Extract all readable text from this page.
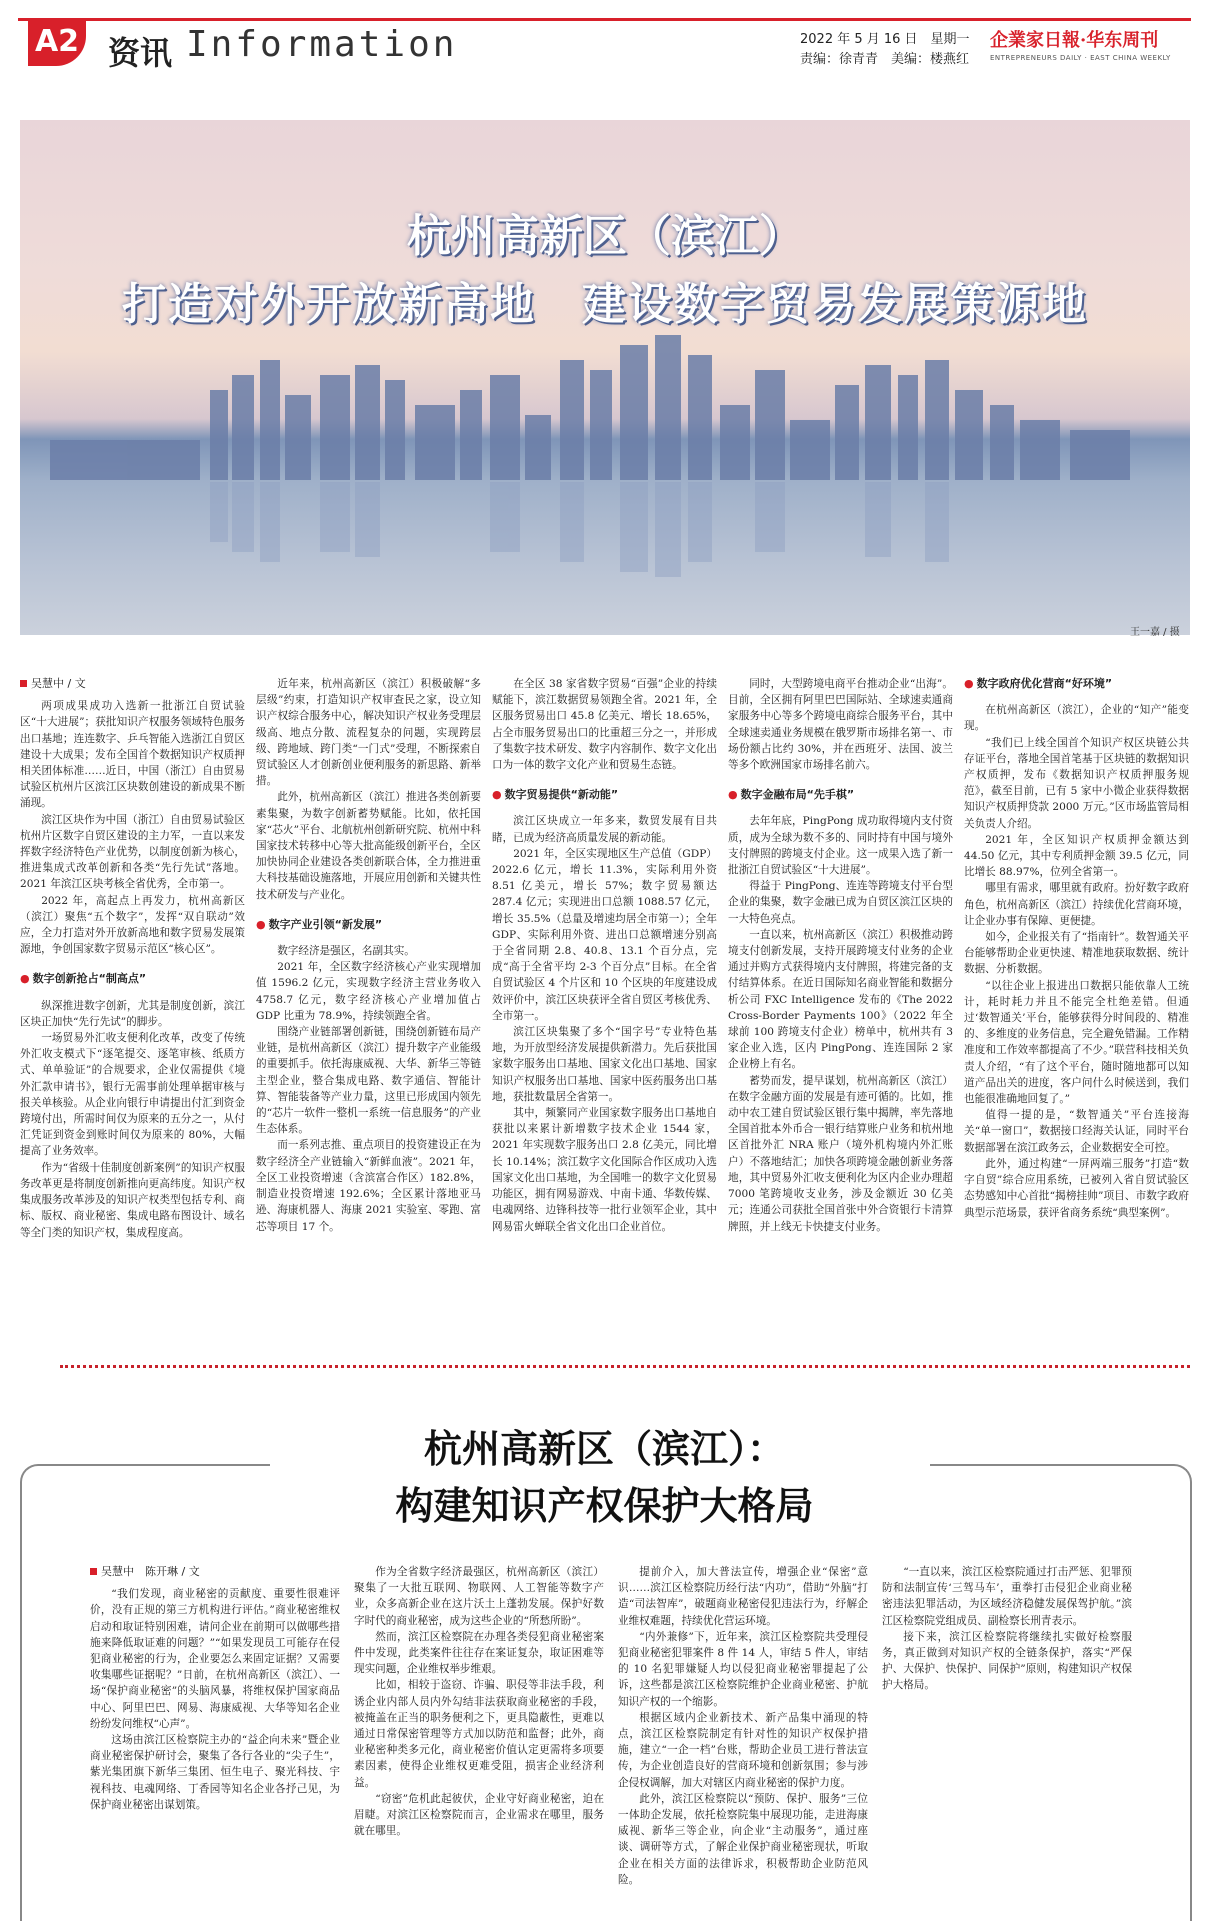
A2 资讯 Information	2022 年 5 月 16 日　星期一
责编：徐青青　美编：楼燕红
企業家日報·华东周刊
ENTREPRENEURS DAILY · EAST CHINA WEEKLY
杭州高新区（滨江）
打造对外开放新高地　建设数字贸易发展策源地
王一嘉 / 摄
吴慧中 / 文

两项成果成功入选新一批浙江自贸试验区“十大进展”；获批知识产权服务领域特色服务出口基地；连连数字、乒乓智能入选浙江自贸区建设十大成果；发布全国首个数据知识产权质押相关团体标准……近日，中国（浙江）自由贸易试验区杭州片区滨江区块数创建设的新成果不断涌现。

滨江区块作为中国（浙江）自由贸易试验区杭州片区数字自贸区建设的主力军，一直以来发挥数字经济特色产业优势，以制度创新为核心，推进集成式改革创新和各类“先行先试”落地。2021 年滨江区块考核全省优秀，全市第一。

2022 年，高起点上再发力，杭州高新区（滨江）聚焦“五个数字”，发挥“双自联动”效应，全力打造对外开放新高地和数字贸易发展策源地，争创国家数字贸易示范区“核心区”。

● 数字创新抢占“制高点”

纵深推进数字创新，尤其是制度创新，滨江区块正加快“先行先试”的脚步。

一场贸易外汇收支便利化改革，改变了传统外汇收支模式下“逐笔提交、逐笔审核、纸质方式、单单验证”的合规要求，企业仅需提供《境外汇款申请书》，银行无需事前处理单据审核与报关单核验。从企业向银行申请提出付汇到资金跨境付出，所需时间仅为原来的五分之一，从付汇凭证到资金到账时间仅为原来的 80%，大幅提高了业务效率。

作为“省级十佳制度创新案例”的知识产权服务改革更是将制度创新推向更高纬度。知识产权集成服务改革涉及的知识产权类型包括专利、商标、版权、商业秘密、集成电路布图设计、域名等全门类的知识产权，集成程度高。

近年来，杭州高新区（滨江）积极破解“多层级”约束，打造知识产权审查民之家，设立知识产权综合服务中心，解决知识产权业务受理层级高、地点分散、流程复杂的问题，实现跨层级、跨地域、跨门类“一门式”受理，不断探索自贸试验区人才创新创业便利服务的新思路、新举措。

此外，杭州高新区（滨江）推进各类创新要素集聚，为数字创新蓄势赋能。比如，依托国家“芯火”平台、北航杭州创新研究院、杭州中科国家技术转移中心等大批高能级创新平台，全区加快协同企业建设各类创新联合体，全力推进重大科技基础设施落地，开展应用创新和关键共性技术研发与产业化。

● 数字产业引领“新发展”

数字经济是强区，名副其实。

2021 年，全区数字经济核心产业实现增加值 1596.2 亿元，实现数字经济主营业务收入 4758.7 亿元，数字经济核心产业增加值占 GDP 比重为 78.9%，持续领跑全省。

围绕产业链部署创新链，围绕创新链布局产业链，是杭州高新区（滨江）提升数字产业能级的重要抓手。依托海康威视、大华、新华三等链主型企业，整合集成电路、数字通信、智能计算、智能装备等产业力量，这里已形成国内领先的“芯片一软件一整机一系统一信息服务”的产业生态体系。

而一系列志推、重点项目的投资建设正在为数字经济全产业链输入“新鲜血液”。2021 年，全区工业投资增速（含滨富合作区）182.8%，制造业投资增速 192.6%；全区累计落地亚马逊、海康机器人、海康 2021 实验室、零跑、富芯等项目 17 个。

在全区 38 家省数字贸易“百强”企业的持续赋能下，滨江数据贸易领跑全省。2021 年，全区服务贸易出口 45.8 亿美元、增长 18.65%，占全市服务贸易出口的比重超三分之一，并形成了集数字技术研发、数字内容制作、数字文化出口为一体的数字文化产业和贸易生态链。

● 数字贸易提供“新动能”

滨江区块成立一年多来，数贸发展有目共睹，已成为经济高质量发展的新动能。

2021 年，全区实现地区生产总值（GDP）2022.6 亿元，增长 11.3%，实际利用外资 8.51 亿美元，增长 57%；数字贸易额达 287.4 亿元；实现进出口总额 1088.57 亿元，增长 35.5%（总量及增速均居全市第一）；全年 GDP、实际利用外资、进出口总额增速分别高于全省同期 2.8、40.8、13.1 个百分点，完成“高于全省平均 2-3 个百分点”目标。在全省自贸试验区 4 个片区和 10 个区块的年度建设成效评价中，滨江区块获评全省自贸区考核优秀、全市第一。

滨江区块集聚了多个“国字号”专业特色基地，为开放型经济发展提供新潜力。先后获批国家数字服务出口基地、国家文化出口基地、国家知识产权服务出口基地、国家中医药服务出口基地，获批数量居全省第一。

其中，频繁同产业国家数字服务出口基地自获批以来累计新增数字技术企业 1544 家，2021 年实现数字服务出口 2.8 亿美元，同比增长 10.14%；滨江数字文化国际合作区成功入选国家文化出口基地，为全国唯一的数字文化贸易功能区，拥有网易游戏、中南卡通、华数传媒、电魂网络、边锋科技等一批行业领军企业，其中网易雷火蝉联全省文化出口企业首位。

同时，大型跨境电商平台推动企业“出海”。目前，全区拥有阿里巴巴国际站、全球速卖通商家服务中心等多个跨境电商综合服务平台，其中全球速卖通业务规模在俄罗斯市场排名第一、市场份额占比约 30%，并在西班牙、法国、波兰等多个欧洲国家市场排名前六。

● 数字金融布局“先手棋”

去年年底，PingPong 成功取得境内支付资质，成为全球为数不多的、同时持有中国与境外支付牌照的跨境支付企业。这一成果入选了新一批浙江自贸试验区“十大进展”。

得益于 PingPong、连连等跨境支付平台型企业的集聚，数字金融已成为自贸区滨江区块的一大特色亮点。

一直以来，杭州高新区（滨江）积极推动跨境支付创新发展，支持开展跨境支付业务的企业通过并购方式获得境内支付牌照，将建完备的支付结算体系。在近日国际知名商业智能和数据分析公司 FXC Intelligence 发布的《The 2022 Cross-Border Payments 100》（2022 年全球前 100 跨境支付企业）榜单中，杭州共有 3 家企业入选，区内 PingPong、连连国际 2 家企业榜上有名。

蓄势而发，提早谋划，杭州高新区（滨江）在数字金融方面的发展是有迹可循的。比如，推动中农工建自贸试验区银行集中揭牌，率先落地全国首批本外币合一银行结算账户业务和杭州地区首批外汇 NRA 账户（境外机构境内外汇账户）不落地结汇；加快各项跨境金融创新业务落地，其中贸易外汇收支便利化为区内企业办理超 7000 笔跨境收支业务，涉及金额近 30 亿美元；连通公司获批全国首张中外合资银行卡清算牌照，并上线无卡快捷支付业务。

● 数字政府优化营商“好环境”

在杭州高新区（滨江），企业的“知产”能变现。

“我们已上线全国首个知识产权区块链公共存证平台，落地全国首笔基于区块链的数据知识产权质押，发布《数据知识产权质押服务规范》，截至目前，已有 5 家中小微企业获得数据知识产权质押贷款 2000 万元。”区市场监管局相关负责人介绍。

2021 年，全区知识产权质押金额达到 44.50 亿元，其中专利质押金额 39.5 亿元，同比增长 88.97%，位列全省第一。

哪里有需求，哪里就有政府。扮好数字政府角色，杭州高新区（滨江）持续优化营商环境，让企业办事有保障、更便捷。

如今，企业报关有了“指南针”。数智通关平台能够帮助企业更快速、精准地获取数据、统计数据、分析数据。

“以往企业上报进出口数据只能依靠人工统计，耗时耗力并且不能完全杜绝差错。但通过‘数智通关’平台，能够获得分时间段的、精准的、多维度的业务信息，完全避免错漏。工作精准度和工作效率都提高了不少。”联营科技相关负责人介绍，“有了这个平台，随时随地都可以知道产品出关的进度，客户问什么时候送到，我们也能很准确地回复了。”

值得一提的是，“数智通关”平台连接海关“单一窗口”，数据接口经海关认证，同时平台数据部署在滨江政务云，企业数据安全可控。

此外，通过构建“一屏两端三服务”打造“数字自贸”综合应用系统，已被列入省自贸试验区态势感知中心首批“揭榜挂帅”项目、市数字政府典型示范场景，获评省商务系统“典型案例”。

杭州高新区（滨江）：
构建知识产权保护大格局
吴慧中　陈开琳 / 文

“我们发现，商业秘密的贡献度、重要性很难评价，没有正规的第三方机构进行评估。”商业秘密维权启动和取证特别困难，请问企业在前期可以做哪些措施来降低取证难的问题？”“如果发现员工可能存在侵犯商业秘密的行为，企业要怎么来固定证据？又需要收集哪些证据呢？”日前，在杭州高新区（滨江）、一场“保护商业秘密”的头脑风暴，将维权保护国家商品中心、阿里巴巴、网易、海康威视、大华等知名企业纷纷发问维权“心声”。

这场由滨江区检察院主办的“益企向未来”暨企业商业秘密保护研讨会，聚集了各行各业的“尖子生”，紫光集团旗下新华三集团、恒生电子、聚光科技、宇视科技、电魂网络、丁香园等知名企业各抒己见，为保护商业秘密出谋划策。

作为全省数字经济最强区，杭州高新区（滨江）聚集了一大批互联网、物联网、人工智能等数字产业，众多高新企业在这片沃土上蓬勃发展。保护好数字时代的商业秘密，成为这些企业的“所愁所盼”。

然而，滨江区检察院在办理各类侵犯商业秘密案件中发现，此类案件往往存在案证复杂，取证困难等现实问题，企业维权举步维艰。

比如，相较于盗窃、诈骗、职侵等非法手段，利诱企业内部人员内外勾结非法获取商业秘密的手段，被掩盖在正当的职务便利之下，更具隐蔽性，更难以通过日常保密管理等方式加以防范和监督；此外，商业秘密种类多元化，商业秘密价值认定更需将多项要素因素，使得企业维权更难受阻，损害企业经济利益。

“窃密”危机此起彼伏，企业守好商业秘密，迫在眉睫。对滨江区检察院而言，企业需求在哪里，服务就在哪里。

提前介入，加大普法宣传，增强企业“保密”意识……滨江区检察院历经行法“内功”，借助“外脑”打造“司法智库”，破题商业秘密侵犯违法行为，纾解企业维权难题，持续优化营运环境。

“内外兼修”下，近年来，滨江区检察院共受理侵犯商业秘密犯罪案件 8 件 14 人，审结 5 件人，审结的 10 名犯罪嫌疑人均以侵犯商业秘密罪提起了公诉，这些都是滨江区检察院维护企业商业秘密、护航知识产权的一个缩影。

根据区域内企业新技术、新产品集中涌现的特点，滨江区检察院制定有针对性的知识产权保护措施，建立“一企一档”台账，帮助企业员工进行普法宣传，为企业创造良好的营商环境和创新氛围；参与涉企侵权调解，加大对辖区内商业秘密的保护力度。

此外，滨江区检察院以“预防、保护、服务”三位一体助企发展，依托检察院集中展现功能，走进海康威视、新华三等企业，向企业“主动服务”，通过座谈、调研等方式，了解企业保护商业秘密现状，听取企业在相关方面的法律诉求，积极帮助企业防范风险。

“一直以来，滨江区检察院通过打击严惩、犯罪预防和法制宣传‘三驾马车’，重拳打击侵犯企业商业秘密违法犯罪活动，为区域经济稳健发展保驾护航。”滨江区检察院党组成员、副检察长刑青表示。

接下来，滨江区检察院将继续扎实做好检察服务，真正做到对知识产权的全链条保护，落实“严保护、大保护、快保护、同保护”原则，构建知识产权保护大格局。
